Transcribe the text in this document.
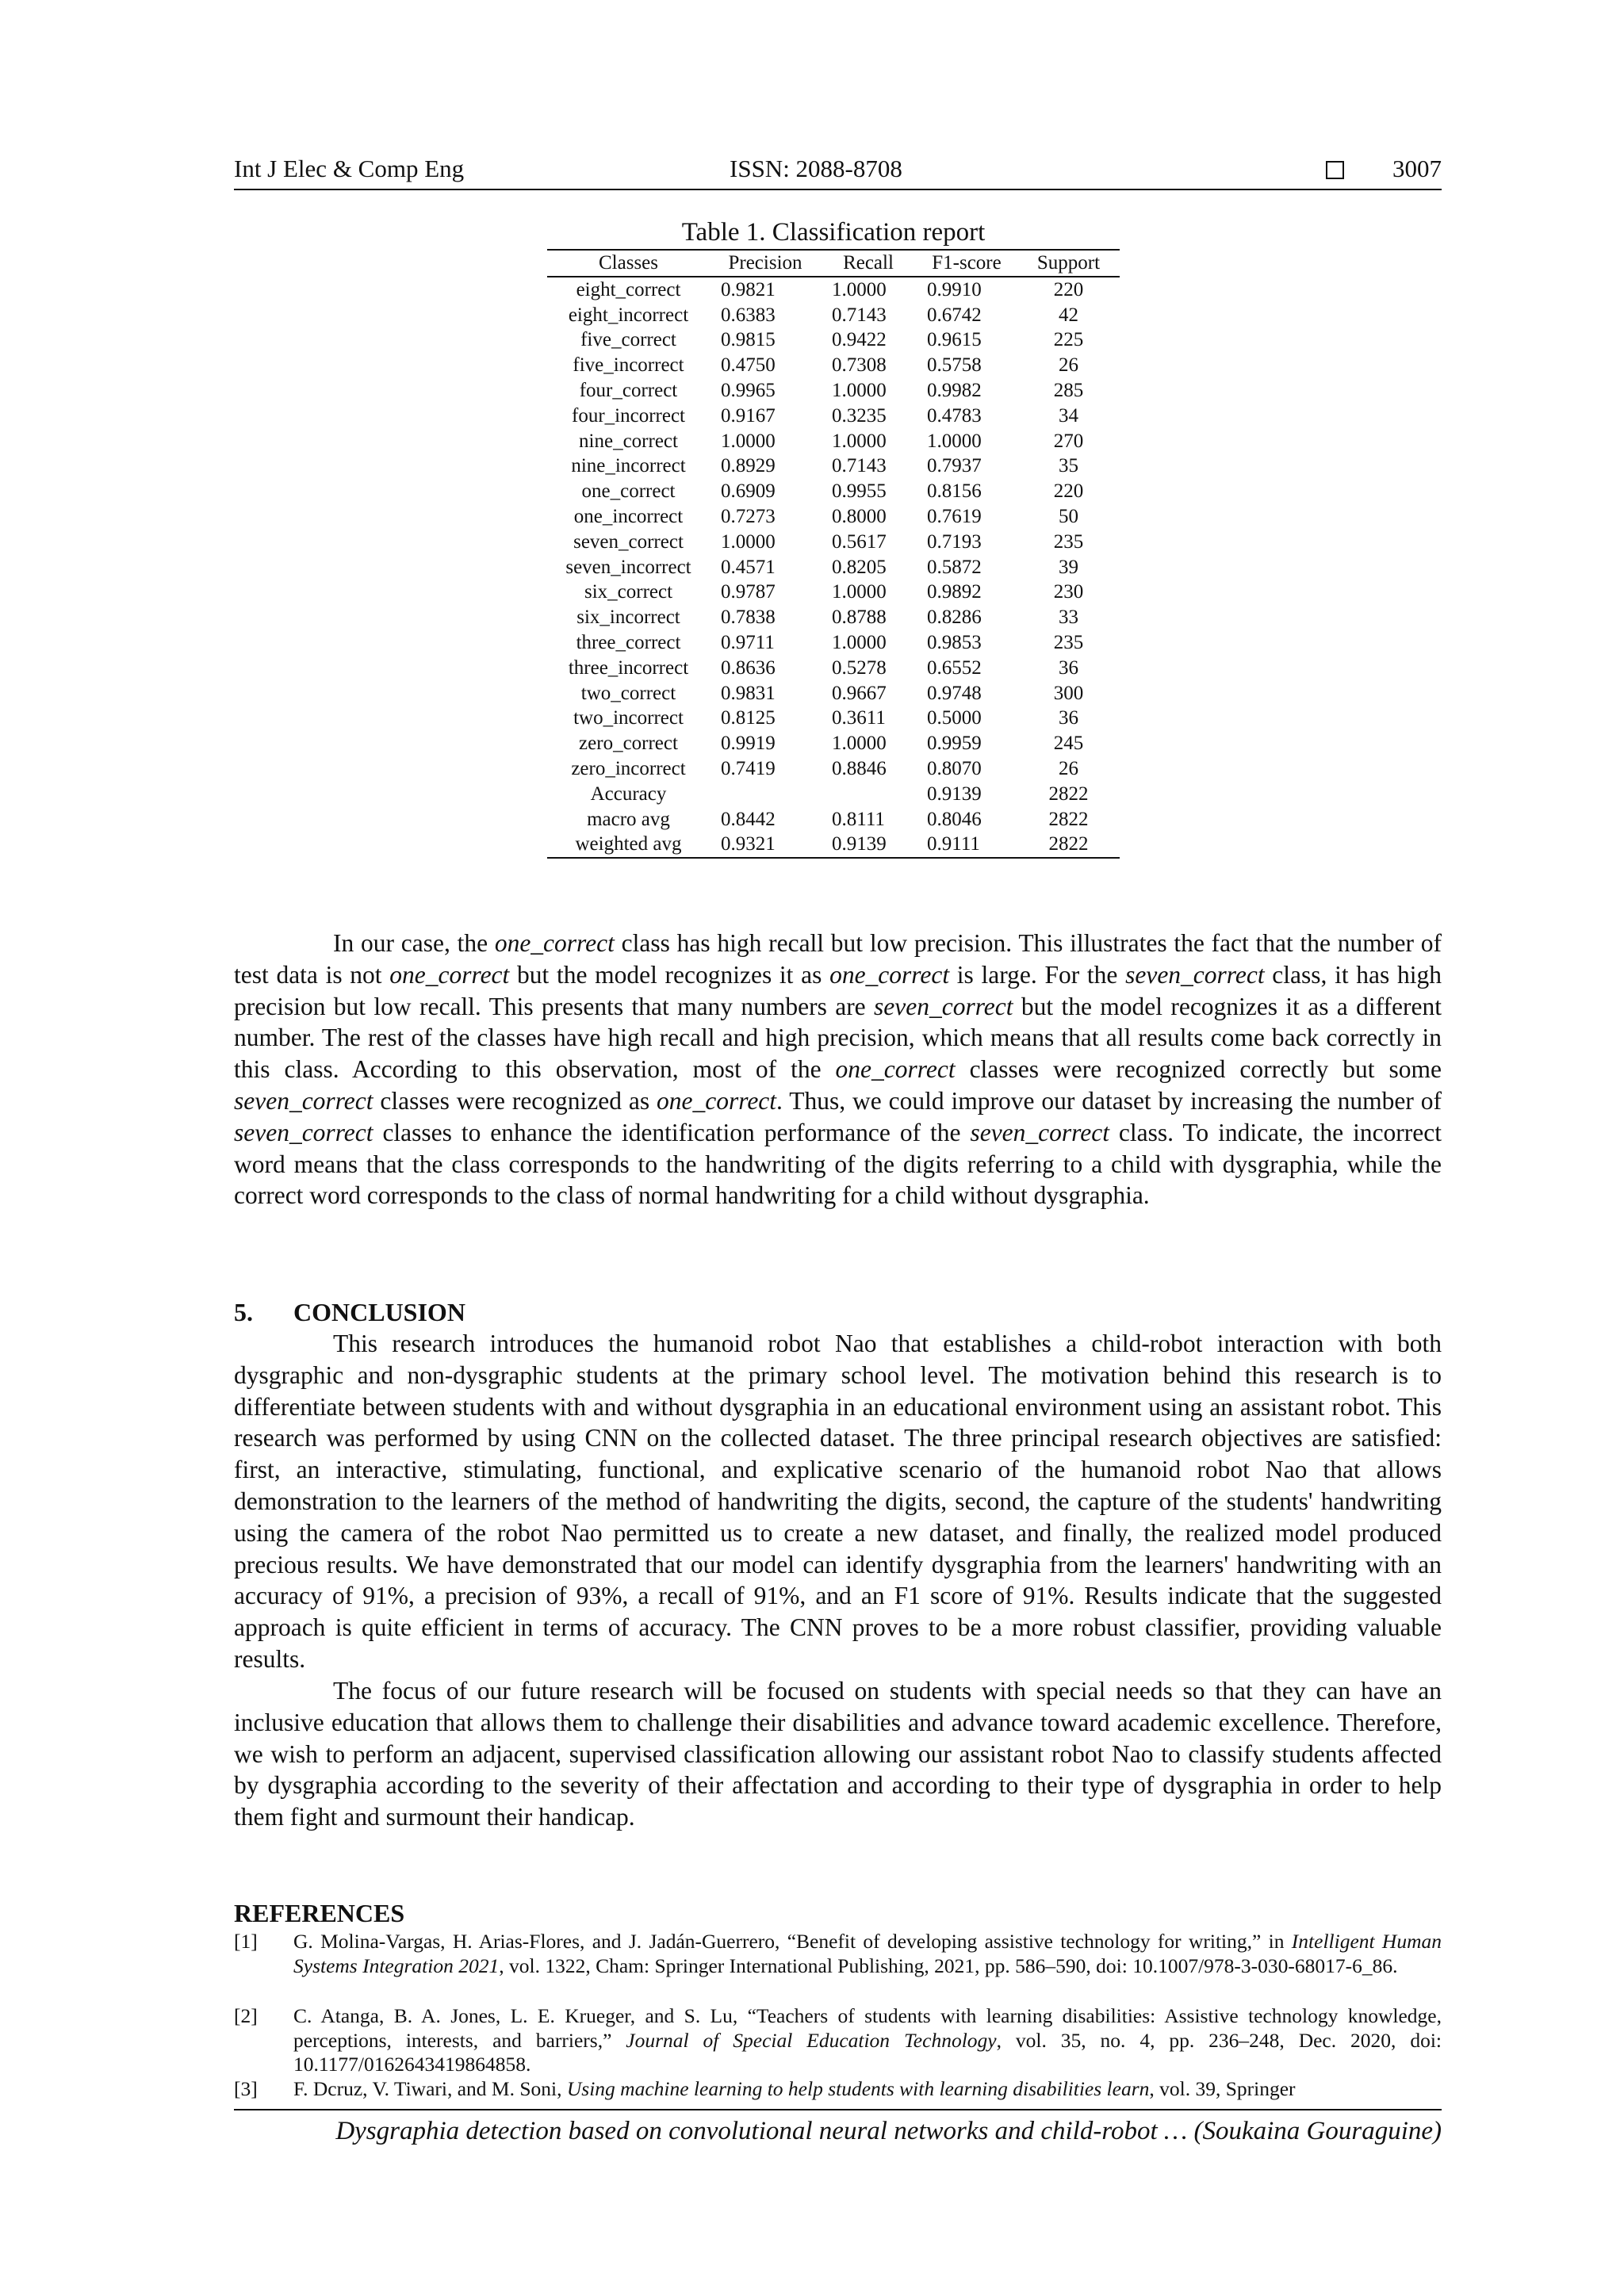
Int J Elec & Comp Eng	ISSN: 2088-8708	3007
Table 1. Classification report
Classes	Precision	Recall	F1-score	Support
eight_correct	0.9821	1.0000	0.9910	220
eight_incorrect	0.6383	0.7143	0.6742	42
five_correct	0.9815	0.9422	0.9615	225
five_incorrect	0.4750	0.7308	0.5758	26
four_correct	0.9965	1.0000	0.9982	285
four_incorrect	0.9167	0.3235	0.4783	34
nine_correct	1.0000	1.0000	1.0000	270
nine_incorrect	0.8929	0.7143	0.7937	35
one_correct	0.6909	0.9955	0.8156	220
one_incorrect	0.7273	0.8000	0.7619	50
seven_correct	1.0000	0.5617	0.7193	235
seven_incorrect	0.4571	0.8205	0.5872	39
six_correct	0.9787	1.0000	0.9892	230
six_incorrect	0.7838	0.8788	0.8286	33
three_correct	0.9711	1.0000	0.9853	235
three_incorrect	0.8636	0.5278	0.6552	36
two_correct	0.9831	0.9667	0.9748	300
two_incorrect	0.8125	0.3611	0.5000	36
zero_correct	0.9919	1.0000	0.9959	245
zero_incorrect	0.7419	0.8846	0.8070	26
Accuracy			0.9139	2822
macro avg	0.8442	0.8111	0.8046	2822
weighted avg	0.9321	0.9139	0.9111	2822

In our case, the one_correct class has high recall but low precision. This illustrates the fact that the number of test data is not one_correct but the model recognizes it as one_correct is large. For the seven_correct class, it has high precision but low recall. This presents that many numbers are seven_correct but the model recognizes it as a different number. The rest of the classes have high recall and high precision, which means that all results come back correctly in this class. According to this observation, most of the one_correct classes were recognized correctly but some seven_correct classes were recognized as one_correct. Thus, we could improve our dataset by increasing the number of seven_correct classes to enhance the identification performance of the seven_correct class. To indicate, the incorrect word means that the class corresponds to the handwriting of the digits referring to a child with dysgraphia, while the correct word corresponds to the class of normal handwriting for a child without dysgraphia.

5. CONCLUSION

This research introduces the humanoid robot Nao that establishes a child-robot interaction with both dysgraphic and non-dysgraphic students at the primary school level. The motivation behind this research is to differentiate between students with and without dysgraphia in an educational environment using an assistant robot. This research was performed by using CNN on the collected dataset. The three principal research objectives are satisfied: first, an interactive, stimulating, functional, and explicative scenario of the humanoid robot Nao that allows demonstration to the learners of the method of handwriting the digits, second, the capture of the students' handwriting using the camera of the robot Nao permitted us to create a new dataset, and finally, the realized model produced precious results. We have demonstrated that our model can identify dysgraphia from the learners' handwriting with an accuracy of 91%, a precision of 93%, a recall of 91%, and an F1 score of 91%. Results indicate that the suggested approach is quite efficient in terms of accuracy. The CNN proves to be a more robust classifier, providing valuable results.

The focus of our future research will be focused on students with special needs so that they can have an inclusive education that allows them to challenge their disabilities and advance toward academic excellence. Therefore, we wish to perform an adjacent, supervised classification allowing our assistant robot Nao to classify students affected by dysgraphia according to the severity of their affectation and according to their type of dysgraphia in order to help them fight and surmount their handicap.

REFERENCES
[1] G. Molina-Vargas, H. Arias-Flores, and J. Jadán-Guerrero, “Benefit of developing assistive technology for writing,” in Intelligent Human Systems Integration 2021, vol. 1322, Cham: Springer International Publishing, 2021, pp. 586–590, doi: 10.1007/978-3-030-68017-6_86.
[2] C. Atanga, B. A. Jones, L. E. Krueger, and S. Lu, “Teachers of students with learning disabilities: Assistive technology knowledge, perceptions, interests, and barriers,” Journal of Special Education Technology, vol. 35, no. 4, pp. 236–248, Dec. 2020, doi: 10.1177/0162643419864858.
[3] F. Dcruz, V. Tiwari, and M. Soni, Using machine learning to help students with learning disabilities learn, vol. 39, Springer
Dysgraphia detection based on convolutional neural networks and child-robot … (Soukaina Gouraguine)
